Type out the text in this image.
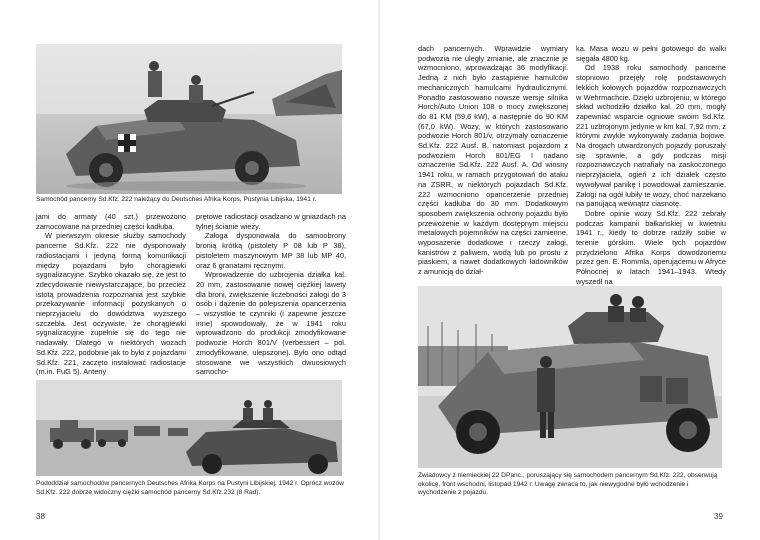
Samochód pancerny Sd.Kfz. 222 należący do Deutsches Afrika Korps, Pustynia Libijska, 1941 r.

jami do armaty (40 szt.) przewożono zamocowane na przedniej części kadłuba.

W pierwszym okresie służby samochody pancerne Sd.Kfz. 222 nie dysponowały radiostacjami i jedyną formą komunikacji między pojazdami było chorągiewki sygnalizacyjne. Szybko okazało się, że jest to zdecydowanie niewystarczające, bo przecież istotą prowadzenia rozpoznania jest szybkie przekazywanie informacji pozyskanych o nieprzyjacielu do dowództwa wyższego szczebla. Jest oczywiste, że chorągiewki sygnalizacyjne zupełnie się do tego nie nadawały. Dlatego w niektórych wozach Sd.Kfz. 222, podobnie jak to było z pojazdami Sd.Kfz. 221, zaczęto instalować radiostacje (m.in. FuG 5). Anteny

prętowe radiostacji osadzano w gniazdach na tylnej ścianie wieży.

Załoga dysponowała do samoobrony bronią krótką (pistolety P 08 lub P 38), pistoletem maszynowym MP 38 lub MP 40, oraz 6 granatami ręcznymi.

Wprowadzenie do uzbrojenia działka kal. 20 mm, zastosowanie nowej ciężkiej lawety dla broni, zwiększenie liczebności załogi do 3 osób i dążenie do polepszenia opancerzenia – wszystkie te czynniki (i zapewne jeszcze inne) spowodowały, że w 1941 roku wprowadzono do produkcji zmodyfikowane podwozie Horch 801/V (verbessert – pol. zmodyfikowane, ulepszone). Było ono odtąd stosowane we wszystkich dwuosiowych samocho-

Pododdział samochodów pancernych Deutsches Afrika Korps na Pustyni Libijskiej, 1942 r. Oprócz wozów Sd.Kfz. 222 dobrze widoczny ciężki samochód pancerny Sd.Kfz.232 (8 Rad).
38

dach pancernych. Wprawdzie wymiary podwozia nie uległy zmianie, ale znacznie je wzmocniono, wprowadzając 36 modyfikacji. Jedną z nich było zastąpienie hamulców mechanicznych hamulcami hydraulicznymi. Ponadto zastosowano nowsze wersje silnika Horch/Auto Union 108 o mocy zwiększonej do 81 KM (59,6 kW), a następnie do 90 KM (67,0 kW). Wozy, w których zastosowano podwozie Horch 801/v, otrzymały oznaczenie Sd.Kfz. 222 Ausf. B, natomiast pojazdom z podwoziem Horch 801/EG I nadano oznaczenie Sd.Kfz. 222 Ausf. A. Od wiosny 1941 roku, w ramach przygotowań do ataku na ZSRR, w niektórych pojazdach Sd.Kfz. 222 wzmocniono opancerzenie przedniej części kadłuba do 30 mm. Dodatkowym sposobem zwiększenia ochrony pojazdu było przewożenie w każdym dostępnym miejscu metalowych pojemników na części zamienne, wyposażenie dodatkowe i rzeczy załogi, kanistrów z paliwem, wodą lub po prostu z piaskiem, a nawet dodatkowych ładowników z amunicją do dział-

ka. Masa wozu w pełni gotowego do walki sięgała 4800 kg.

Od 1938 roku samochody pancerne stopniowo przejęły rolę podstawowych lekkich kołowych pojazdów rozpoznawczych w Wehrmachcie. Dzięki uzbrojeniu, w którego skład wchodziło działko kal. 20 mm, mogły zapewniać wsparcie ogniowe swoim Sd.Kfz. 221 uzbrojonym jedynie w km kal. 7,92 mm, z którymi zwykle wykonywały zadania bojowe. Na drogach utwardzonych pojazdy poruszały się sprawnie, a gdy podczas misji rozpoznawczych natrafiały na zaskoczonego nieprzyjaciela, ogień z ich działek często wywoływał panikę i powodował zamieszanie. Załogi na ogół lubiły te wozy, choć narzekano na panującą wewnątrz ciasnotę.

Dobre opinie wozy Sd.Kfz. 222 zebrały podczas kampanii bałkańskiej w kwietniu 1941 r., kiedy to dobrze radziły sobie w terenie górskim. Wiele tych pojazdów przydzielono Afrika Korps dowodzonemu przez gen. E. Rommla, operującemu w Afryce Północnej w latach 1941–1943. Wtedy wyszedł na

Zwiadowcy z niemieckiej 22 DPanc., poruszający się samochodem pancernym Sd.Kfz. 222, obserwują okolicę, front wschodni, listopad 1942 r. Uwagę zwraca to, jak niewygodne było wchodzenie i wychodzenie z pojazdu.
39
